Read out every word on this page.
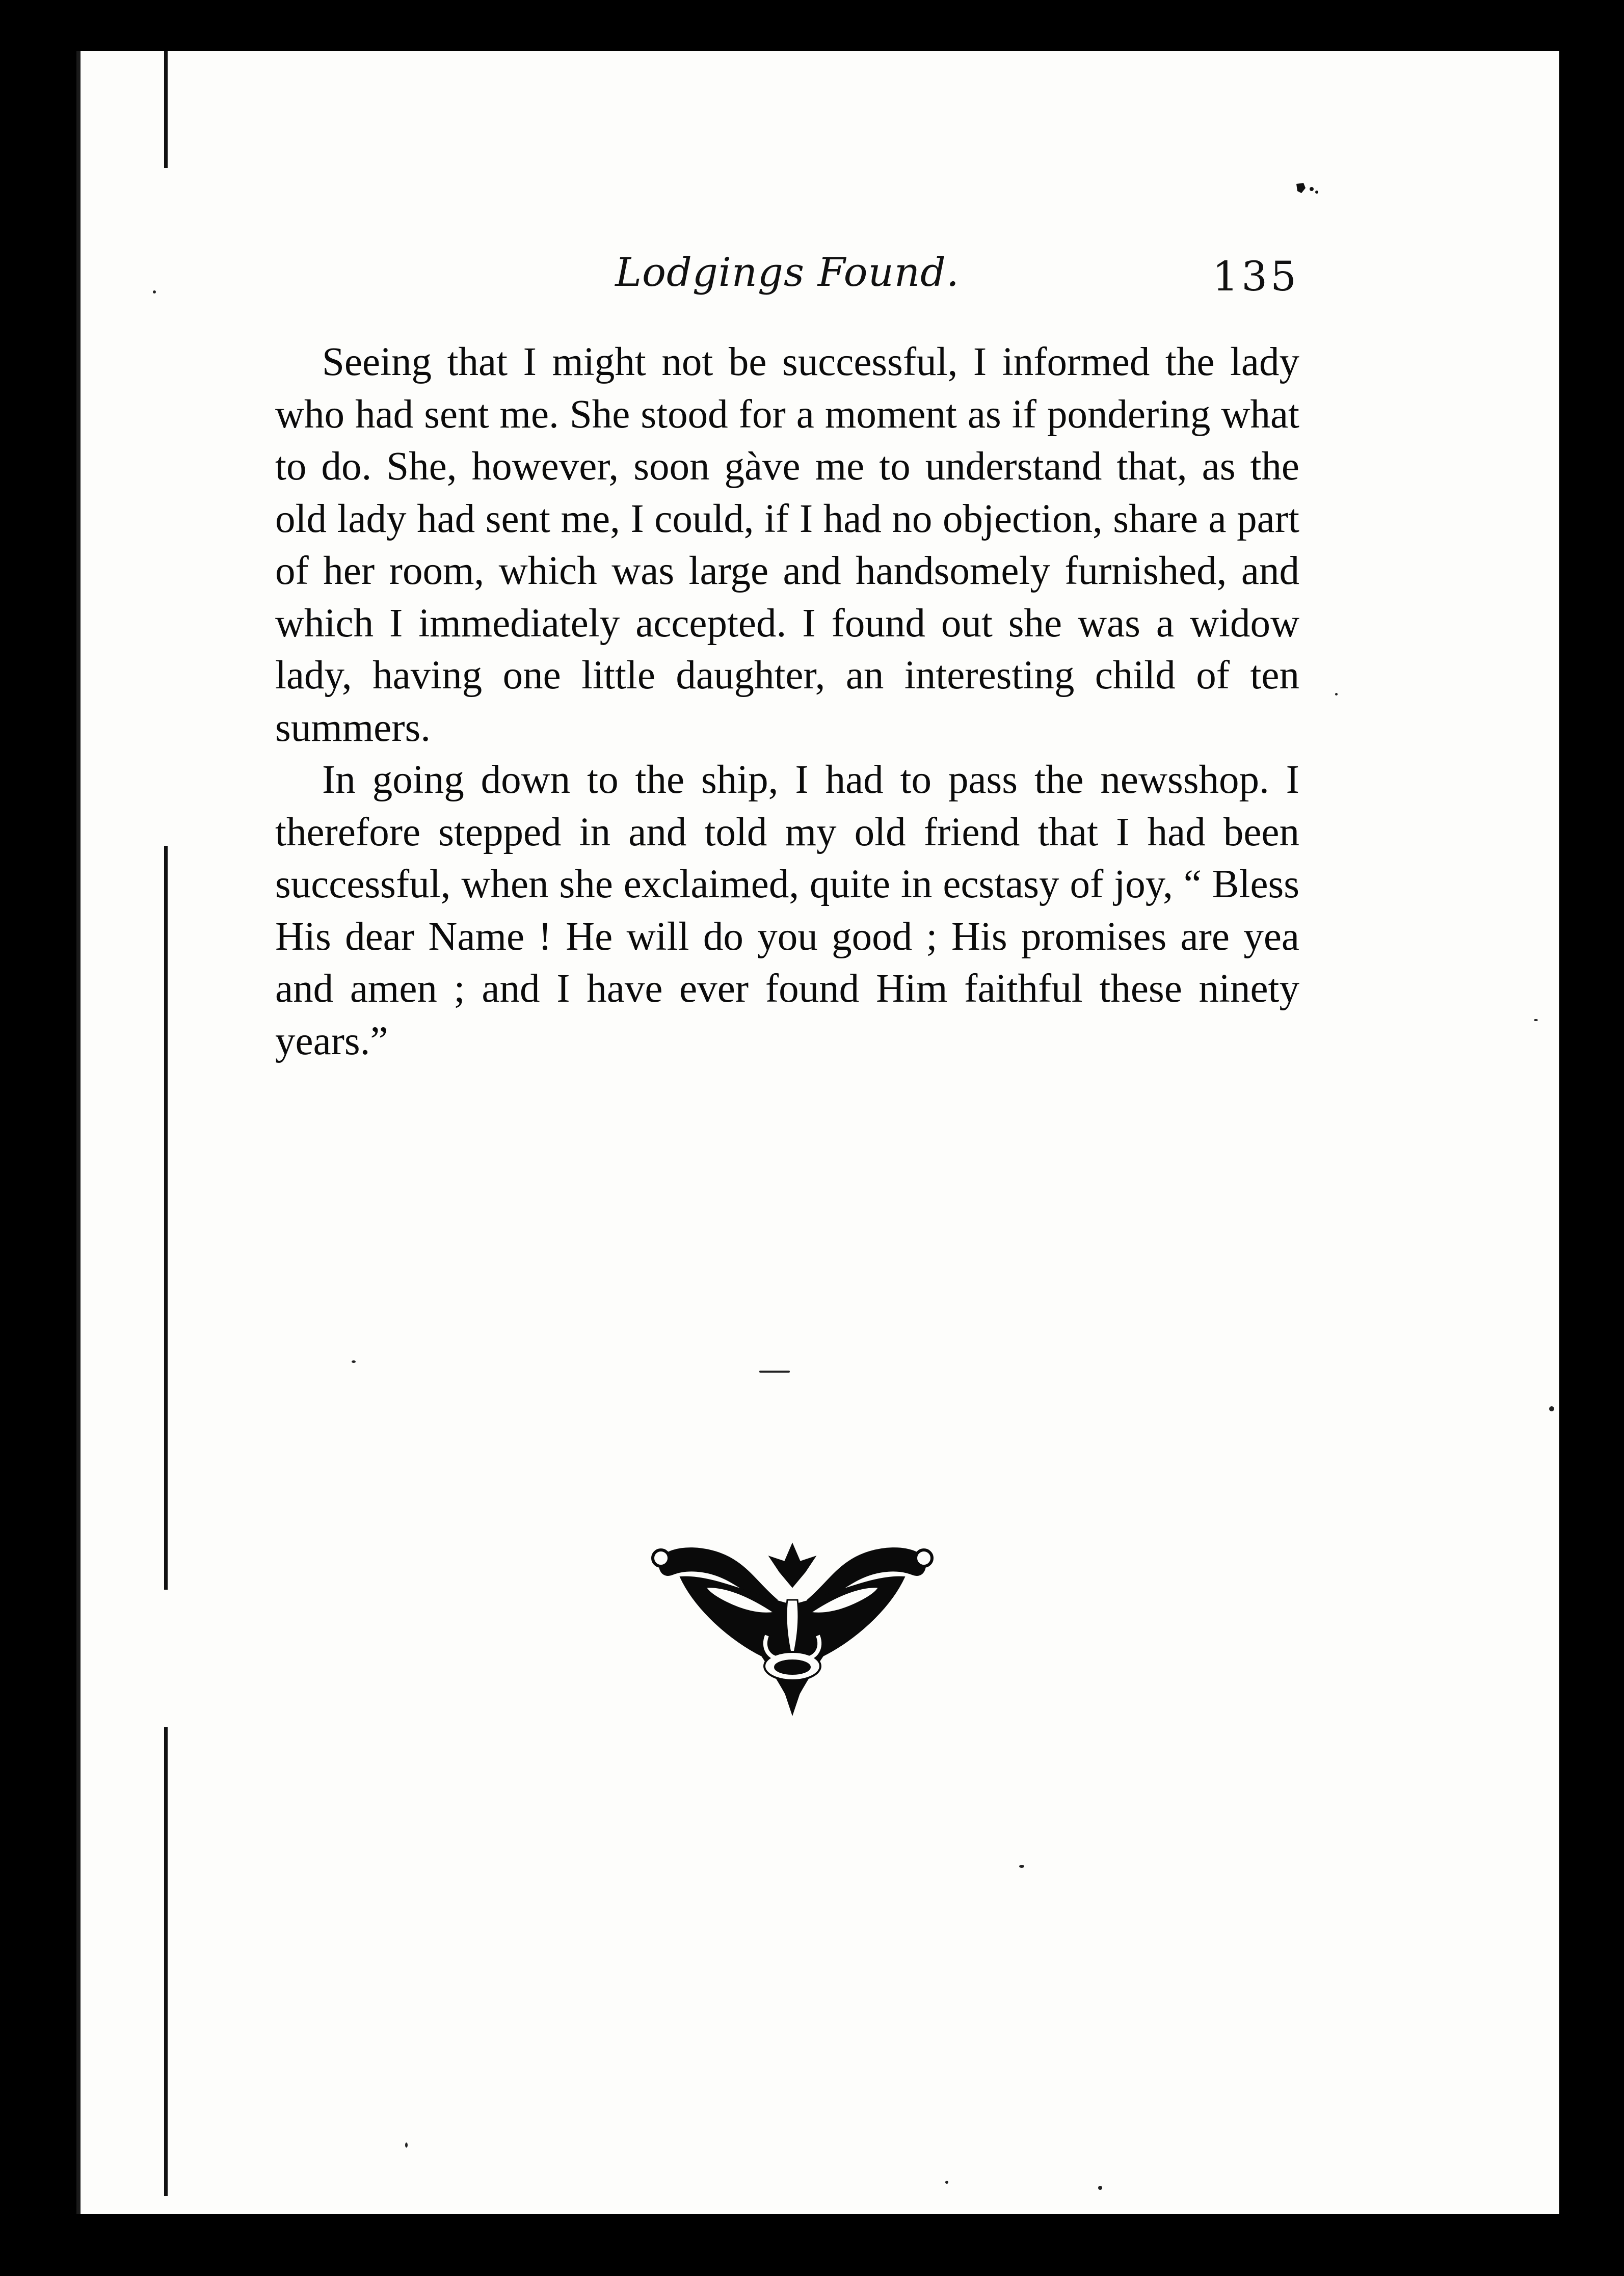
Lodgings Found.	135

Seeing that I might not be successful, I informed the lady who had sent me. She stood for a moment as if pondering what to do. She, however, soon gàve me to understand that, as the old lady had sent me, I could, if I had no objection, share a part of her room, which was large and handsomely furnished, and which I immediately accepted. I found out she was a widow lady, having one little daughter, an interesting child of ten summers.

In going down to the ship, I had to pass the newsshop. I therefore stepped in and told my old friend that I had been successful, when she exclaimed, quite in ecstasy of joy, “ Bless His dear Name ! He will do you good ; His promises are yea and amen ; and I have ever found Him faithful these ninety years.”
